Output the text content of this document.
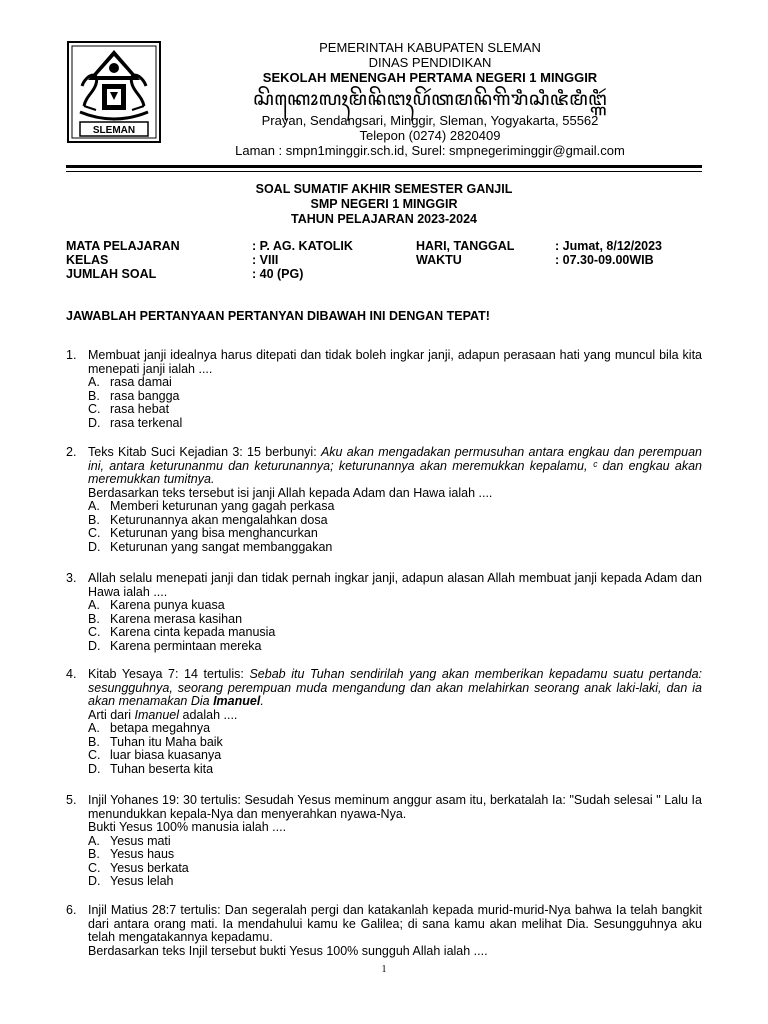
SLEMAN
PEMERINTAH KABUPATEN SLEMAN
DINAS PENDIDIKAN
SEKOLAH MENENGAH PERTAMA NEGERI 1 MINGGIR
ꦱꦼꦏꦺꦴꦭꦃꦩꦼꦤꦼꦔꦃꦥꦼꦂꦠꦩꦤꦼꦒꦼꦫꦶꦱꦶꦗꦶꦩꦶꦔ꧀ꦒꦶꦂ
Prayan, Sendangsari, Minggir, Sleman, Yogyakarta, 55562
Telepon (0274) 2820409
Laman : smpn1minggir.sch.id, Surel: smpnegeriminggir@gmail.com
SOAL SUMATIF AKHIR SEMESTER GANJIL
SMP NEGERI 1 MINGGIR
TAHUN PELAJARAN 2023-2024
MATA PELAJARAN
KELAS
JUMLAH SOAL
: P. AG. KATOLIK
: VIII
: 40 (PG)
HARI, TANGGAL
WAKTU
: Jumat, 8/12/2023
: 07.30-09.00WIB
JAWABLAH PERTANYAAN PERTANYAN DIBAWAH INI DENGAN TEPAT!
1. Membuat janji idealnya harus ditepati dan tidak boleh ingkar janji, adapun perasaan hati yang muncul bila kita menepati janji ialah ....
A. rasa damai
B. rasa bangga
C. rasa hebat
D. rasa terkenal
2. Teks Kitab Suci Kejadian 3: 15 berbunyi: Aku akan mengadakan permusuhan antara engkau dan perempuan ini, antara keturunanmu dan keturunannya; keturunannya akan meremukkan kepalamu, ᶜ dan engkau akan meremukkan tumitnya.
Berdasarkan teks tersebut isi janji Allah kepada Adam dan Hawa ialah ....
A. Memberi keturunan yang gagah perkasa
B. Keturunannya akan mengalahkan dosa
C. Keturunan yang bisa menghancurkan
D. Keturunan yang sangat membanggakan
3. Allah selalu menepati janji dan tidak pernah ingkar janji, adapun alasan Allah membuat janji kepada Adam dan Hawa ialah ....
A. Karena punya kuasa
B. Karena merasa kasihan
C. Karena cinta kepada manusia
D. Karena permintaan mereka
4. Kitab Yesaya 7: 14 tertulis: Sebab itu Tuhan sendirilah yang akan memberikan kepadamu suatu pertanda: sesungguhnya, seorang perempuan muda mengandung dan akan melahirkan seorang anak laki-laki, dan ia akan menamakan Dia Imanuel.
Arti dari Imanuel adalah ....
A. betapa megahnya
B. Tuhan itu Maha baik
C. luar biasa kuasanya
D. Tuhan beserta kita
5. Injil Yohanes 19: 30 tertulis: Sesudah Yesus meminum anggur asam itu, berkatalah Ia: "Sudah selesai " Lalu Ia menundukkan kepala-Nya dan menyerahkan nyawa-Nya.
Bukti Yesus 100% manusia ialah ....
A. Yesus mati
B. Yesus haus
C. Yesus berkata
D. Yesus lelah
6. Injil Matius 28:7 tertulis: Dan segeralah pergi dan katakanlah kepada murid-murid-Nya bahwa Ia telah bangkit dari antara orang mati. Ia mendahului kamu ke Galilea; di sana kamu akan melihat Dia. Sesungguhnya aku telah mengatakannya kepadamu.
Berdasarkan teks Injil tersebut bukti Yesus 100% sungguh Allah ialah ....
1
